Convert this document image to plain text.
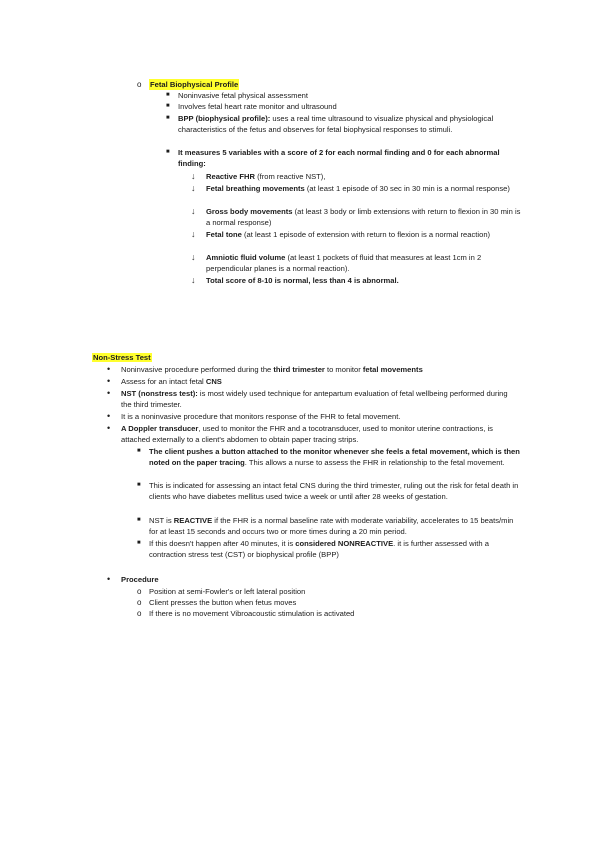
o Fetal Biophysical Profile
■ Noninvasive fetal physical assessment
■ Involves fetal heart rate monitor and ultrasound
■ BPP (biophysical profile): uses a real time ultrasound to visualize physical and physiological characteristics of the fetus and observes for fetal biophysical responses to stimuli.
■ It measures 5 variables with a score of 2 for each normal finding and 0 for each abnormal finding:
↓ Reactive FHR (from reactive NST),
↓ Fetal breathing movements (at least 1 episode of 30 sec in 30 min is a normal response)
↓ Gross body movements (at least 3 body or limb extensions with return to flexion in 30 min is a normal response)
↓ Fetal tone (at least 1 episode of extension with return to flexion is a normal reaction)
↓ Amniotic fluid volume (at least 1 pockets of fluid that measures at least 1cm in 2 perpendicular planes is a normal reaction).
↓ Total score of 8-10 is normal, less than 4 is abnormal.
Non-Stress Test
• Noninvasive procedure performed during the third trimester to monitor fetal movements
• Assess for an intact fetal CNS
• NST (nonstress test): is most widely used technique for antepartum evaluation of fetal wellbeing performed during the third trimester.
• It is a noninvasive procedure that monitors response of the FHR to fetal movement.
• A Doppler transducer, used to monitor the FHR and a tocotransducer, used to monitor uterine contractions, is attached externally to a client's abdomen to obtain paper tracing strips.
■ The client pushes a button attached to the monitor whenever she feels a fetal movement, which is then noted on the paper tracing. This allows a nurse to assess the FHR in relationship to the fetal movement.
■ This is indicated for assessing an intact fetal CNS during the third trimester, ruling out the risk for fetal death in clients who have diabetes mellitus used twice a week or until after 28 weeks of gestation.
■ NST is REACTIVE if the FHR is a normal baseline rate with moderate variability, accelerates to 15 beats/min for at least 15 seconds and occurs two or more times during a 20 min period.
■ If this doesn't happen after 40 minutes, it is considered NONREACTIVE. it is further assessed with a contraction stress test (CST) or biophysical profile (BPP)
• Procedure
o Position at semi-Fowler's or left lateral position
o Client presses the button when fetus moves
o If there is no movement Vibroacoustic stimulation is activated
